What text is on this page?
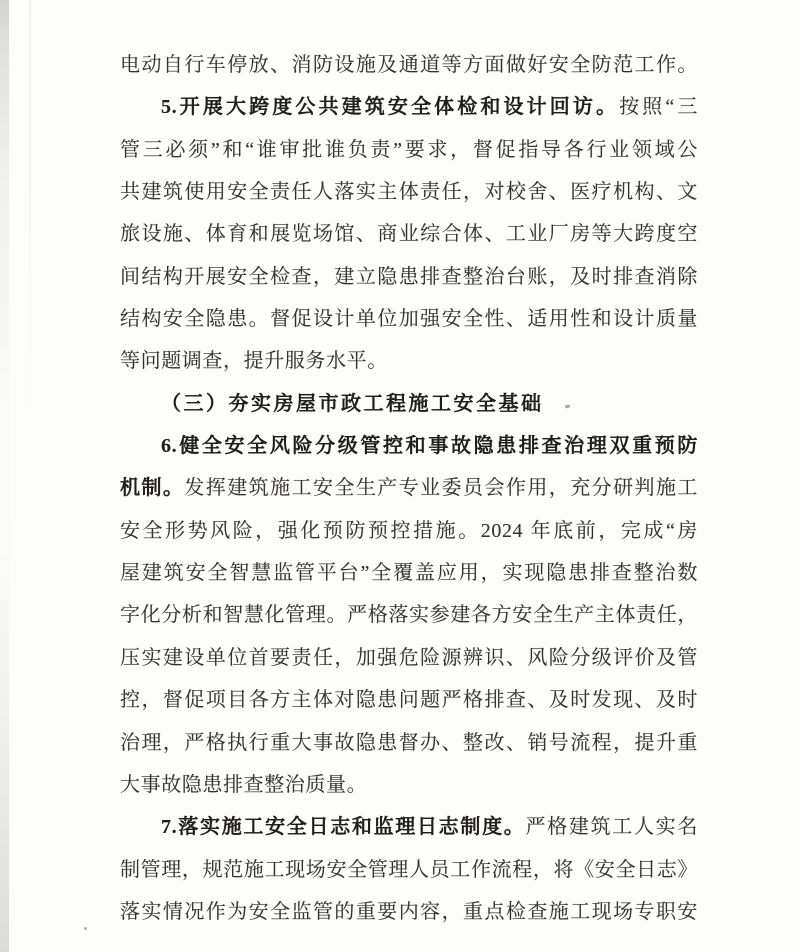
电动自行车停放、消防设施及通道等方面做好安全防范工作。
5.开展大跨度公共建筑安全体检和设计回访。按照“三
管三必须”和“谁审批谁负责”要求，督促指导各行业领域公
共建筑使用安全责任人落实主体责任，对校舍、医疗机构、文
旅设施、体育和展览场馆、商业综合体、工业厂房等大跨度空
间结构开展安全检查，建立隐患排查整治台账，及时排查消除
结构安全隐患。督促设计单位加强安全性、适用性和设计质量
等问题调查，提升服务水平。
（三）夯实房屋市政工程施工安全基础
6.健全安全风险分级管控和事故隐患排查治理双重预防
机制。发挥建筑施工安全生产专业委员会作用，充分研判施工
安全形势风险，强化预防预控措施。2024 年底前，完成“房
屋建筑安全智慧监管平台”全覆盖应用，实现隐患排查整治数
字化分析和智慧化管理。严格落实参建各方安全生产主体责任，
压实建设单位首要责任，加强危险源辨识、风险分级评价及管
控，督促项目各方主体对隐患问题严格排查、及时发现、及时
治理，严格执行重大事故隐患督办、整改、销号流程，提升重
大事故隐患排查整治质量。
7.落实施工安全日志和监理日志制度。严格建筑工人实名
制管理，规范施工现场安全管理人员工作流程，将《安全日志》
落实情况作为安全监管的重要内容，重点检查施工现场专职安
